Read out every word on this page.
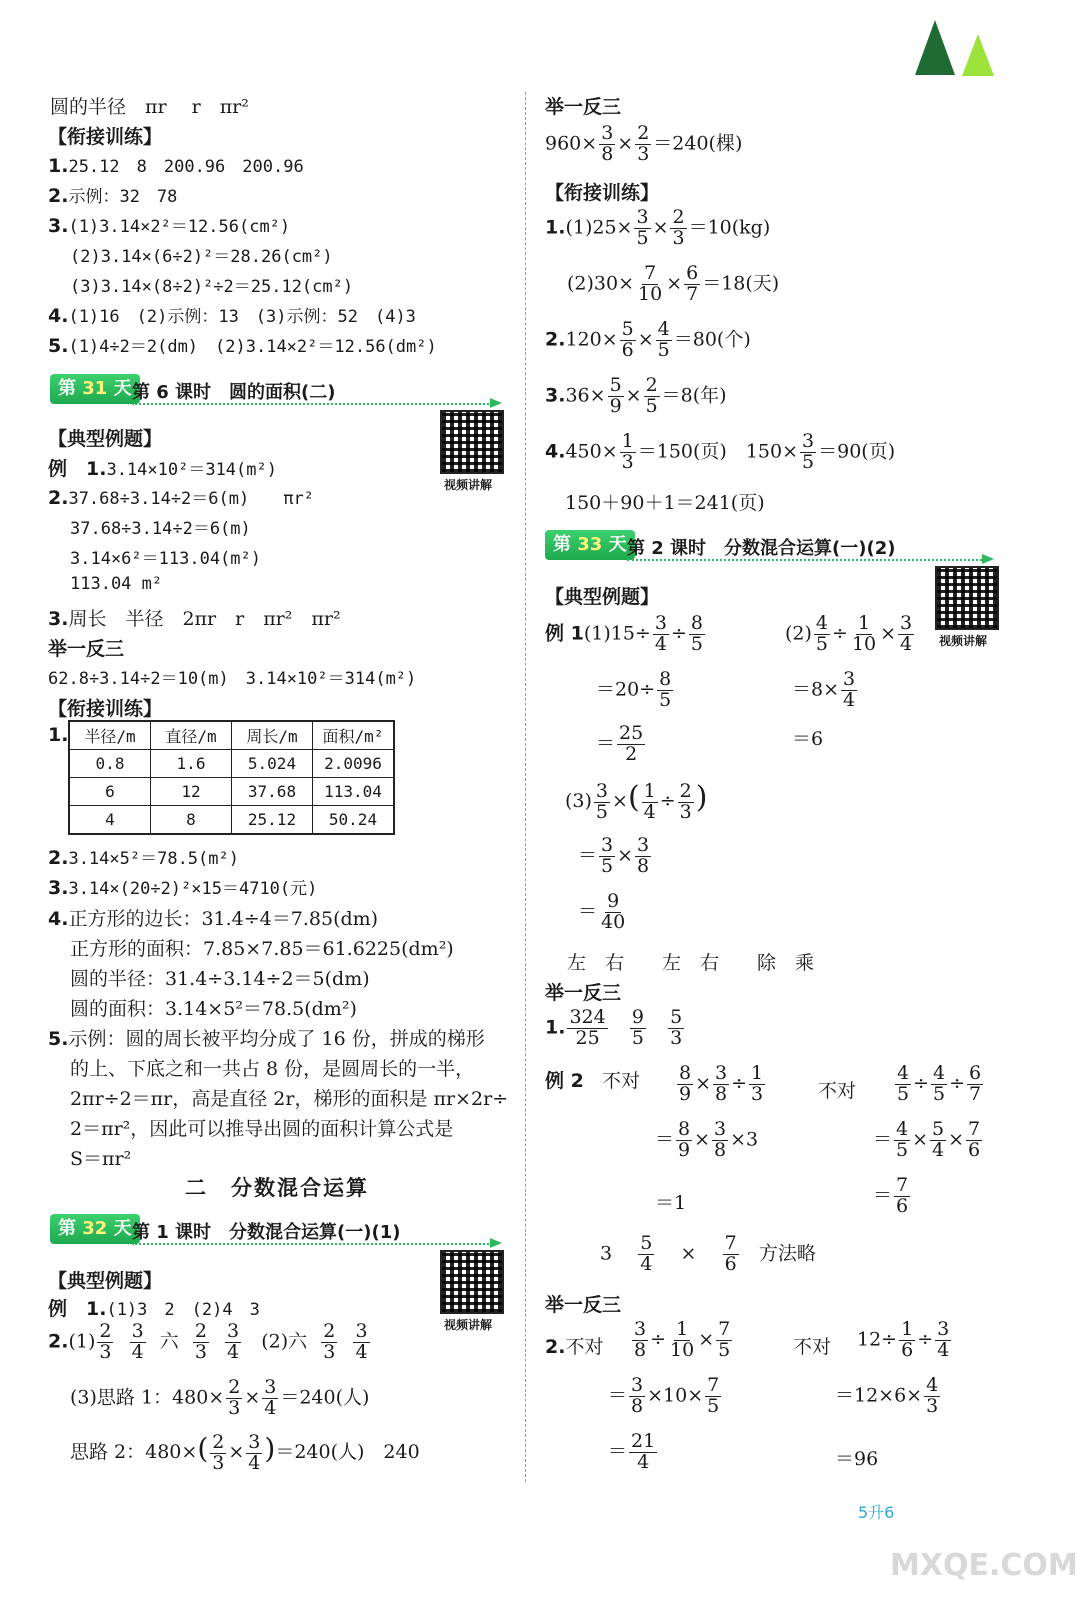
圆的半径　πr　 r　πr²
【衔接训练】
1.25.12　8　200.96　200.96
2.示例：32　78
3.(1)3.14×2²＝12.56(cm²)
(2)3.14×(6÷2)²＝28.26(cm²)
(3)3.14×(8÷2)²÷2＝25.12(cm²)
4.(1)16　(2)示例：13　(3)示例：52　(4)3
5.(1)4÷2＝2(dm)　(2)3.14×2²＝12.56(dm²)
第 31 天 第 6 课时　圆的面积(二)
视频讲解
【典型例题】
例　1.3.14×10²＝314(m²)
2.37.68÷3.14÷2＝6(m)　　πr²
37.68÷3.14÷2＝6(m)
3.14×6²＝113.04(m²)
113.04 m²
3.周长　半径　2πr　r　πr²　πr²
举一反三
62.8÷3.14÷2＝10(m)　3.14×10²＝314(m²)
【衔接训练】
1. 半径/m	直径/m	周长/m	面积/m²
0.8	1.6	5.024	2.0096
6	12	37.68	113.04
4	8	25.12	50.24
2.3.14×5²＝78.5(m²)
3.3.14×(20÷2)²×15＝4710(元)
4.正方形的边长：31.4÷4＝7.85(dm)
正方形的面积：7.85×7.85＝61.6225(dm²)
圆的半径：31.4÷3.14÷2＝5(dm)
圆的面积：3.14×5²＝78.5(dm²)
5.示例：圆的周长被平均分成了 16 份，拼成的梯形
的上、下底之和一共占 8 份，是圆周长的一半，
2πr÷2＝πr，高是直径 2r，梯形的面积是 πr×2r÷
2＝πr²，因此可以推导出圆的面积计算公式是
S＝πr²
二　分数混合运算
第 32 天 第 1 课时　分数混合运算(一)(1)
视频讲解
【典型例题】
例　1.(1)3　2　(2)4　3
$2.(1) \frac{2}{3}$
$\frac{3}{4}$ 六 $\frac{2}{3}$
$\frac{3}{4} (2)$六 $\frac{2}{3}$
$\frac{3}{4}$
(3)思路 1：$480\times \frac{2}{3} \times \frac{3}{4} =240$(人)
思路 2：$480\times( \frac{2}{3} \times \frac{3}{4} )=240$(人)　240
举一反三
$960\times \frac{3}{8} \times \frac{2}{3} =240$(棵)
【衔接训练】
$1.(1)25\times \frac{3}{5} \times \frac{2}{3} =10(kg)$
$(2)30\times \frac{7}{10} \times \frac{6}{7} =18$(天)
$2.120\times \frac{5}{6} \times \frac{4}{5} =80$(个)
$3.36\times \frac{5}{9} \times \frac{2}{5} =8$(年)
$4.450\times \frac{1}{3} =150$(页)　$150\times \frac{3}{5} =90$(页)
150＋90＋1＝241(页)
第 33 天 第 2 课时　分数混合运算(一)(2)
视频讲解
【典型例题】
例 $1(1)15\div \frac{3}{4} \div \frac{8}{5}$
$=20\div \frac{8}{5}$
＝ $\frac{25}{2}$
$(2) \frac{4}{5} \div \frac{1}{10} \times \frac{3}{4}$
$=8\times \frac{3}{4}$
＝6
$(3) \frac{3}{5}$ ×( $\frac{1}{4} \div \frac{2}{3}$ )
＝ $\frac{3}{5} \times \frac{3}{8}$
＝ $\frac{9}{40}$
左　右　　左　右　　除　乘
举一反三
1. $\frac{324}{25}$
$\frac{9}{5}$
$\frac{5}{3}$
例 2 不对 $\frac{8}{9} \times \frac{3}{8} \div \frac{1}{3}$
＝ $\frac{8}{9} \times \frac{3}{8} \times 3$
＝1
不对 $\frac{4}{5} \div \frac{4}{5} \div \frac{6}{7}$
＝ $\frac{4}{5} \times \frac{5}{4} \times \frac{7}{6}$
＝ $\frac{7}{6}$
$3 \frac{5}{4} \times \frac{7}{6}$ 方法略
举一反三
2.不对 $\frac{3}{8} \div \frac{1}{10} \times \frac{7}{5}$
＝ $\frac{3}{8} \times 10\times \frac{7}{5}$
＝ $\frac{21}{4}$
不对 $12\div \frac{1}{6} \div \frac{3}{4}$
$=12\times 6\times \frac{4}{3}$
＝96
5升6
MXQE.COM
